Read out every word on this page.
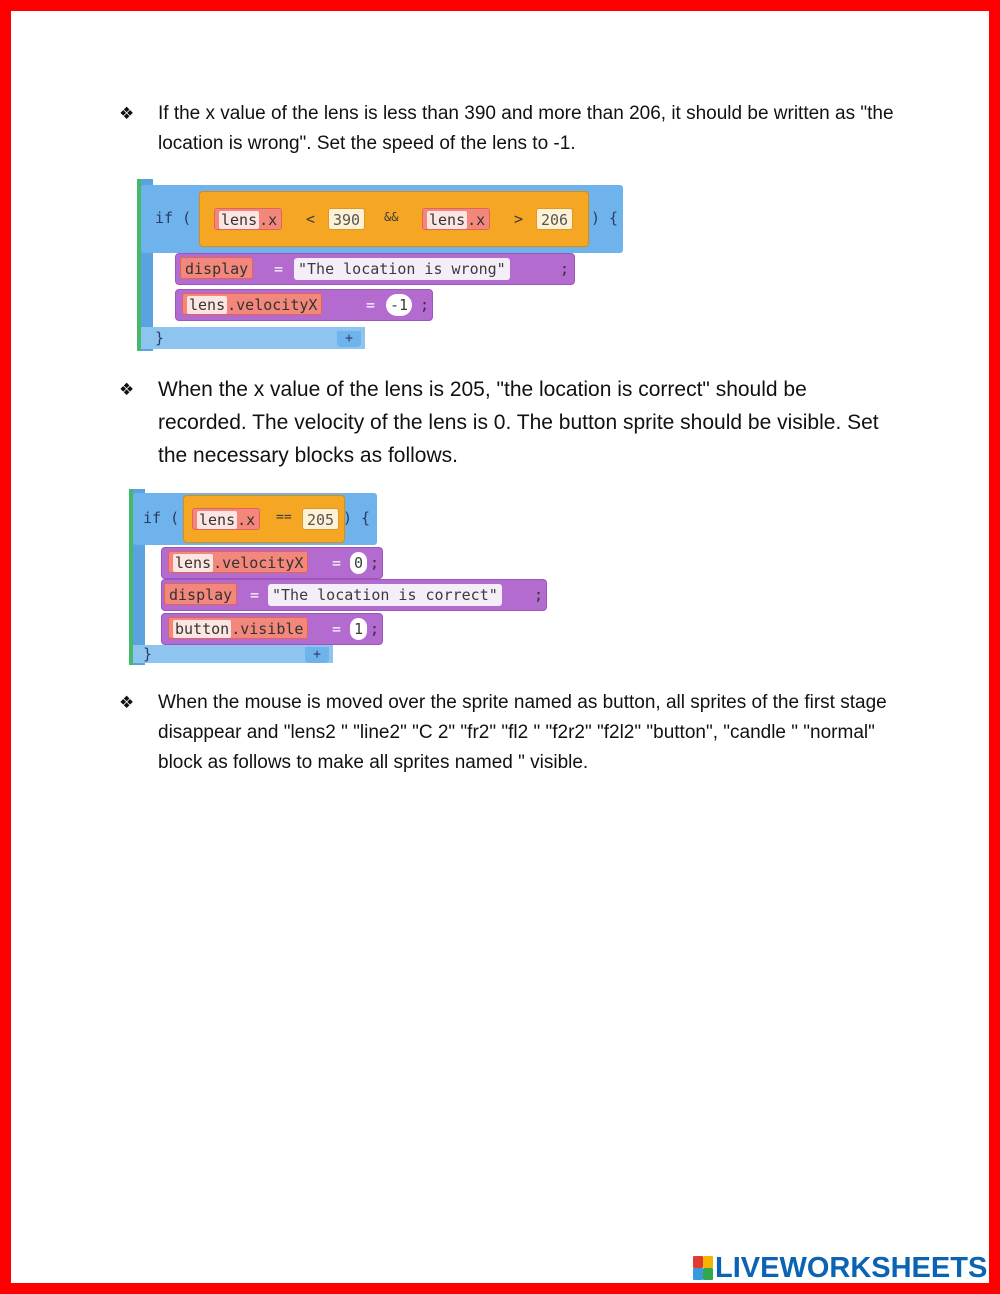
❖	If the x value of the lens is less than 390 and more than 206, it should be written as "the location is wrong". Set the speed of the lens to -1.
if (	lens .x	<	390	&&	lens .x	>	206	) {
display	= "The location is wrong"	;
lens .velocityX	= -1 ;
}	+
❖	When the x value of the lens is 205, "the location is correct" should be recorded. The velocity of the lens is 0. The button sprite should be visible. Set the necessary blocks as follows.
if (	lens .x	==	205 ) {
lens .velocityX	= 0 ;
display	= "The location is correct" ;
button .visible	= 1 ;
}	+
❖	When the mouse is moved over the sprite named as button, all sprites of the first stage disappear and "lens2 " "line2" "C 2" "fr2" "fl2 " "f2r2" "f2l2" "button", "candle " "normal" block as follows to make all sprites named " visible.
LIVEWORKSHEETS
